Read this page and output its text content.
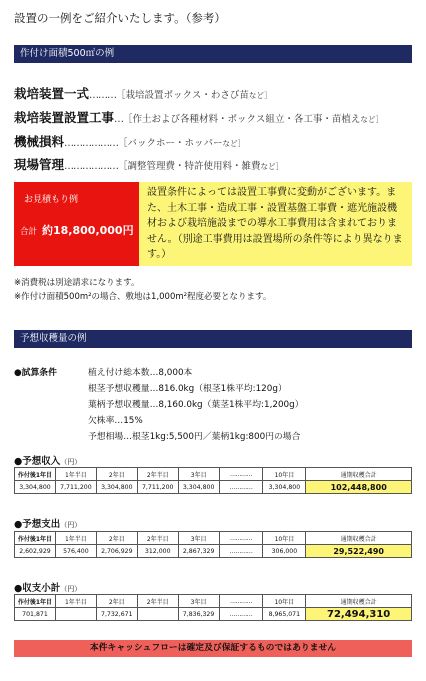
設置の一例をご紹介いたします。（参考）
作付け面積500㎡の例
栽培装置一式………［栽培設置ボックス・わさび苗など］
栽培装置設置工事…［作土および各種材料・ボックス組立・各工事・苗植えなど］
機械損料………………［バックホー・ホッパーなど］
現場管理………………［調整管理費・特許使用料・雑費など］
お見積もり例
合計 約18,800,000円
設置条件によっては設置工事費に変動がございます。また、土木工事・造成工事・設置基盤工事費・遮光施設機材および栽培施設までの導水工事費用は含まれておりません。（別途工事費用は設置場所の条件等により異なります。）
※消費税は別途請求になります。
※作付け面積500m²の場合、敷地は1,000m²程度必要となります。
予想収穫量の例
●試算条件	植え付け総本数…8,000本
根茎予想収穫量…816.0kg（根茎1株平均:120g）
葉柄予想収穫量…8,160.0kg（葉茎1株平均:1,200g）
欠株率…15%
予想相場…根茎1kg:5,500円／葉柄1kg:800円の場合
●予想収入（円）
作付後1年目	1年半目	2年目	2年半目	3年目	…………	10年目	通期収穫合計
3,304,800	7,711,200	3,304,800	7,711,200	3,304,800	…………	3,304,800	102,448,800
●予想支出（円）
作付後1年目	1年半目	2年目	2年半目	3年目	…………	10年目	通期収穫合計
2,602,929	576,400	2,706,929	312,000	2,867,329	…………	306,000	29,522,490
●収支小計（円）
作付後1年目	1年半目	2年目	2年半目	3年目	…………	10年目	通期収穫合計
701,871		7,732,671		7,836,329	…………	8,965,071	72,494,310
本件キャッシュフローは確定及び保証するものではありません
